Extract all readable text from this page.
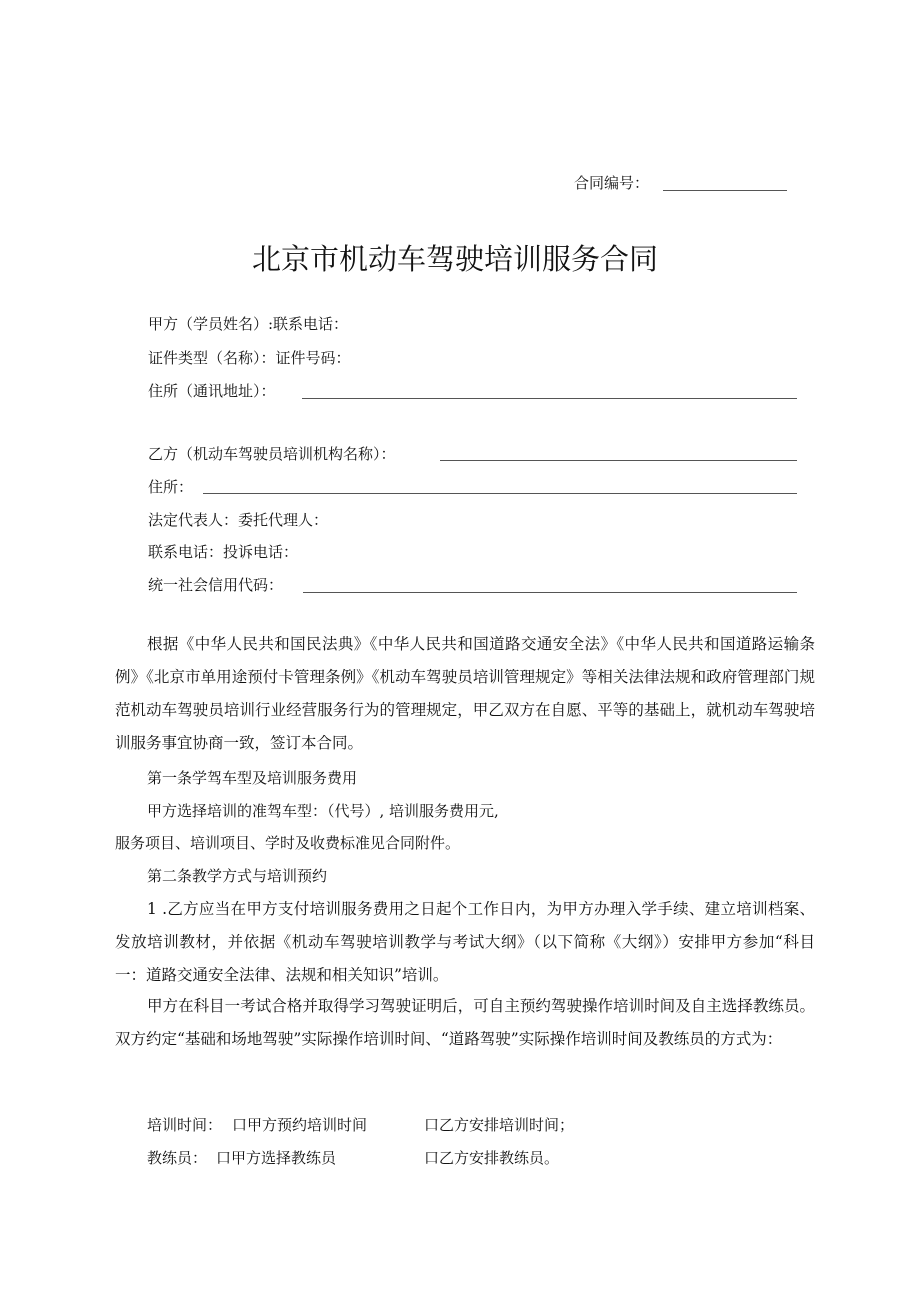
合同编号：
北京市机动车驾驶培训服务合同
甲方（学员姓名）:联系电话：
证件类型（名称）：证件号码：
住所（通讯地址）：
乙方（机动车驾驶员培训机构名称）：
住所：
法定代表人：委托代理人：
联系电话：投诉电话：
统一社会信用代码：

根据《中华人民共和国民法典》《中华人民共和国道路交通安全法》《中华人民共和国道路运输条例》《北京市单用途预付卡管理条例》《机动车驾驶员培训管理规定》等相关法律法规和政府管理部门规范机动车驾驶员培训行业经营服务行为的管理规定，甲乙双方在自愿、平等的基础上，就机动车驾驶培训服务事宜协商一致，签订本合同。

第一条学驾车型及培训服务费用
甲方选择培训的准驾车型：（代号）, 培训服务费用元,
服务项目、培训项目、学时及收费标准见合同附件。
第二条教学方式与培训预约

1 .乙方应当在甲方支付培训服务费用之日起个工作日内，为甲方办理入学手续、建立培训档案、发放培训教材，并依据《机动车驾驶培训教学与考试大纲》（以下简称《大纲》）安排甲方参加“科目一：道路交通安全法律、法规和相关知识”培训。

甲方在科目一考试合格并取得学习驾驶证明后，可自主预约驾驶操作培训时间及自主选择教练员。双方约定“基础和场地驾驶”实际操作培训时间、“道路驾驶”实际操作培训时间及教练员的方式为：

培训时间： 口甲方预约培训时间	口乙方安排培训时间；
教练员： 口甲方选择教练员	口乙方安排教练员。
